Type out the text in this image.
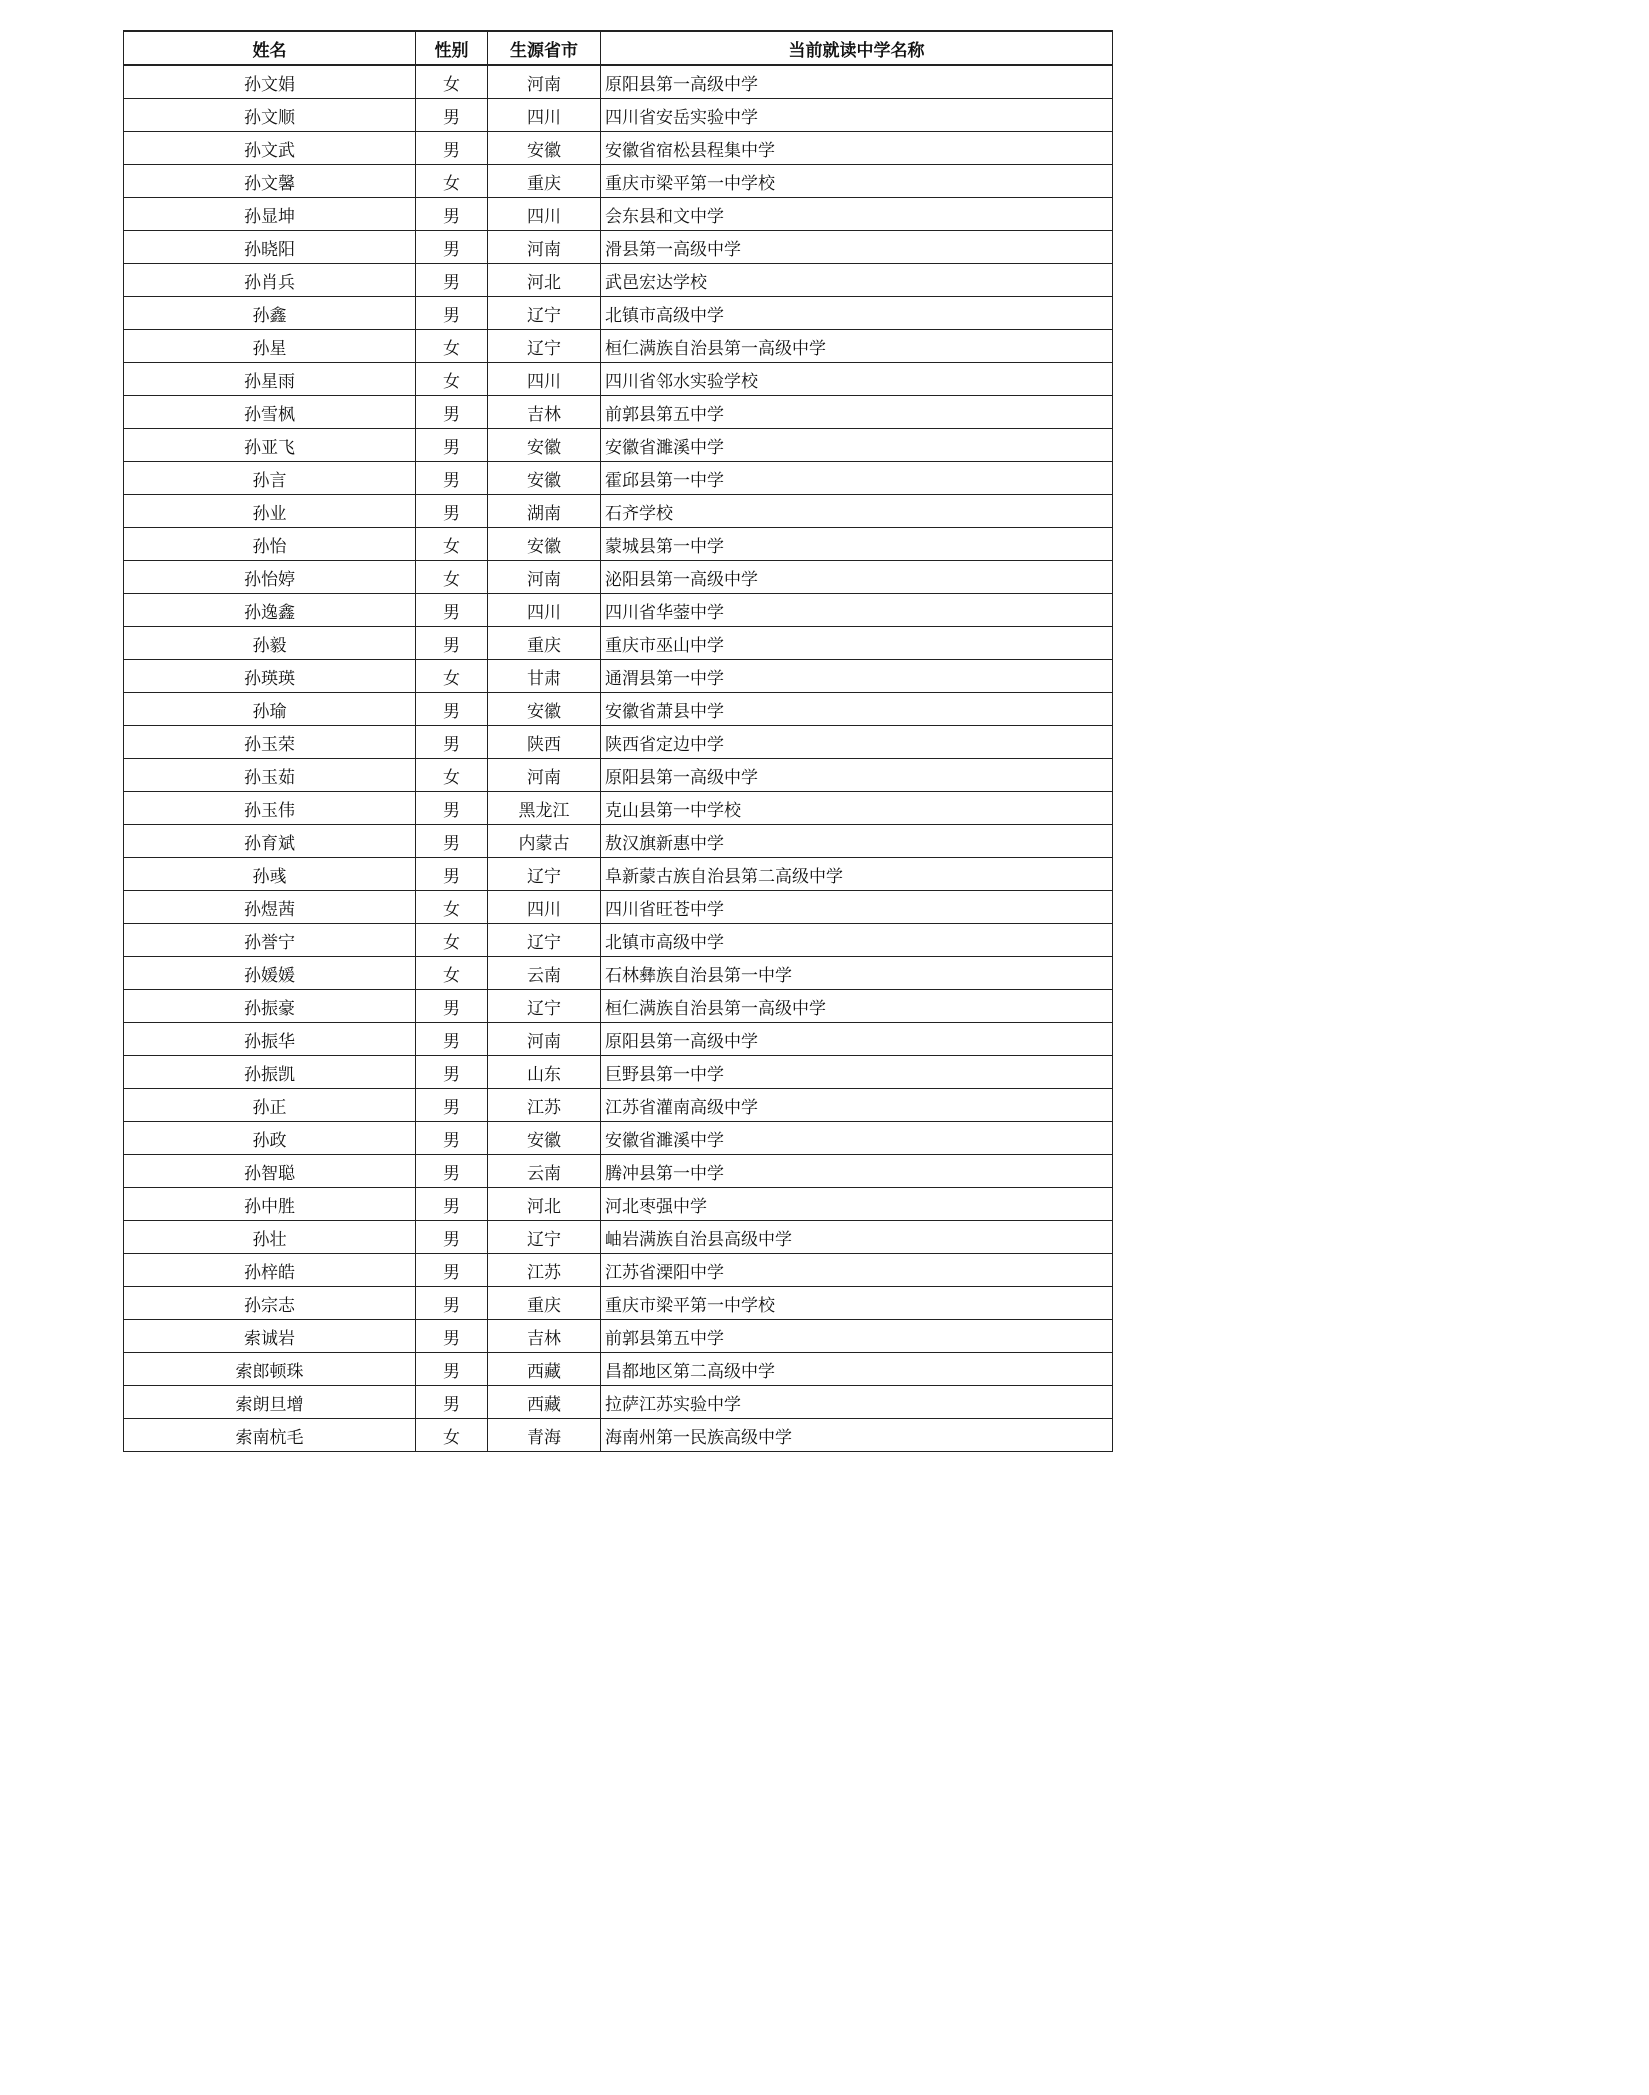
姓名	性别	生源省市	当前就读中学名称
孙文娟	女	河南	原阳县第一高级中学
孙文顺	男	四川	四川省安岳实验中学
孙文武	男	安徽	安徽省宿松县程集中学
孙文馨	女	重庆	重庆市梁平第一中学校
孙显坤	男	四川	会东县和文中学
孙晓阳	男	河南	滑县第一高级中学
孙肖兵	男	河北	武邑宏达学校
孙鑫	男	辽宁	北镇市高级中学
孙星	女	辽宁	桓仁满族自治县第一高级中学
孙星雨	女	四川	四川省邻水实验学校
孙雪枫	男	吉林	前郭县第五中学
孙亚飞	男	安徽	安徽省濉溪中学
孙言	男	安徽	霍邱县第一中学
孙业	男	湖南	石齐学校
孙怡	女	安徽	蒙城县第一中学
孙怡婷	女	河南	泌阳县第一高级中学
孙逸鑫	男	四川	四川省华蓥中学
孙毅	男	重庆	重庆市巫山中学
孙瑛瑛	女	甘肃	通渭县第一中学
孙瑜	男	安徽	安徽省萧县中学
孙玉荣	男	陕西	陕西省定边中学
孙玉茹	女	河南	原阳县第一高级中学
孙玉伟	男	黑龙江	克山县第一中学校
孙育斌	男	内蒙古	敖汉旗新惠中学
孙彧	男	辽宁	阜新蒙古族自治县第二高级中学
孙煜茜	女	四川	四川省旺苍中学
孙誉宁	女	辽宁	北镇市高级中学
孙媛媛	女	云南	石林彝族自治县第一中学
孙振豪	男	辽宁	桓仁满族自治县第一高级中学
孙振华	男	河南	原阳县第一高级中学
孙振凯	男	山东	巨野县第一中学
孙正	男	江苏	江苏省灌南高级中学
孙政	男	安徽	安徽省濉溪中学
孙智聪	男	云南	腾冲县第一中学
孙中胜	男	河北	河北枣强中学
孙壮	男	辽宁	岫岩满族自治县高级中学
孙梓皓	男	江苏	江苏省溧阳中学
孙宗志	男	重庆	重庆市梁平第一中学校
索诚岩	男	吉林	前郭县第五中学
索郎顿珠	男	西藏	昌都地区第二高级中学
索朗旦增	男	西藏	拉萨江苏实验中学
索南杭毛	女	青海	海南州第一民族高级中学
